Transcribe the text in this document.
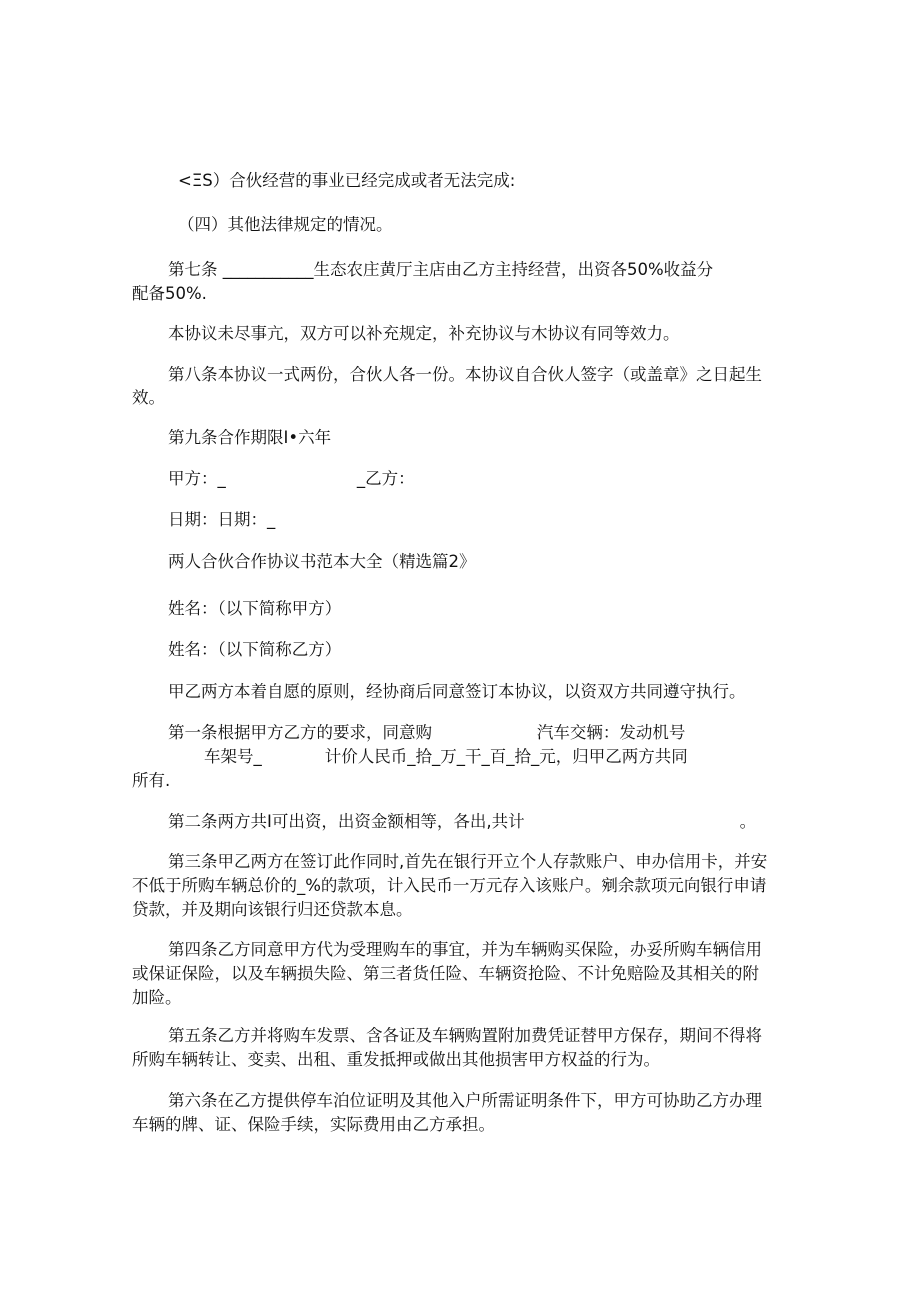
<ΞS）合伙经营的事业已经完成或者无法完成:
（四）其他法律规定的情况。
第七条 ___________生态农庄黄厅主店由乙方主持经营，出资各50%收益分
配备50%.
本协议未尽事亢，双方可以补充规定，补充协议与木协议有同等效力。
第八条本协议一式两份，合伙人各一份。本协议自合伙人签字（或盖章》之日起生
效。
第九条合作期限I•六年
甲方：_                         _乙方：
日期：日期：_
两人合伙合作协议书范本大全（精选篇2》
姓名：（以下简称甲方）
姓名：（以下简称乙方）
甲乙两方本着自愿的原则，经协商后同意签订本协议，以资双方共同遵守执行。
第一条根据甲方乙方的要求，同意购                    汽车交辆：发动机号
车架号_            计价人民币_拾_万_干_百_拾_元，归甲乙两方共同
所有.
第二条两方共I可出资，出资金额相等，各出,共计                                         。
第三条甲乙两方在签订此作同时,首先在银行开立个人存款账户、申办信用卡，并安
不低于所购车辆总价的_%的款项，计入民币一万元存入该账户。剜余款项元向银行申请
贷款，并及期向该银行归还贷款本息。
第四条乙方同意甲方代为受理购车的事宜，并为车辆购买保险，办妥所购车辆信用
或保证保险，以及车辆损失险、第三者货任险、车辆资抢险、不计免赔险及其相关的附
加险。
第五条乙方并将购车发票、含各证及车辆购置附加费凭证替甲方保存，期间不得将
所购车辆转让、变卖、出租、重发抵押或做出其他损害甲方权益的行为。
第六条在乙方提供停车泊位证明及其他入户所需证明条件下，甲方可协助乙方办理
车辆的牌、证、保险手续，实际费用由乙方承担。
